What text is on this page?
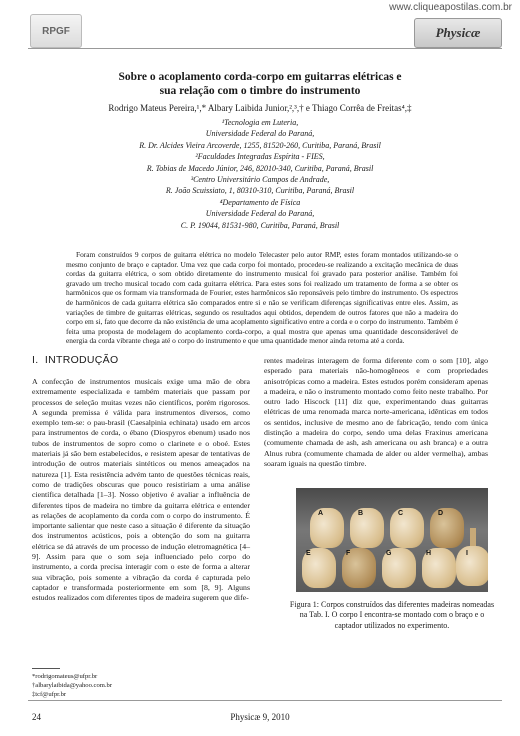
www.cliqueapostilas.com.br
RPGF	Physicæ
Sobre o acoplamento corda-corpo em guitarras elétricas e
sua relação com o timbre do instrumento
Rodrigo Mateus Pereira,¹,* Albary Laibida Junior,²,³,† e Thiago Corrêa de Freitas⁴,‡
¹Tecnologia em Luteria,
Universidade Federal do Paraná,
R. Dr. Alcides Vieira Arcoverde, 1255, 81520-260, Curitiba, Paraná, Brasil
²Faculdades Integradas Espírita - FIES,
R. Tobias de Macedo Júnior, 246, 82010-340, Curitiba, Paraná, Brasil
³Centro Universitário Campos de Andrade,
R. João Scuissiato, 1, 80310-310, Curitiba, Paraná, Brasil
⁴Departamento de Física
Universidade Federal do Paraná,
C. P. 19044, 81531-980, Curitiba, Paraná, Brasil
Foram construídos 9 corpos de guitarra elétrica no modelo Telecaster pelo autor RMP, estes foram montados utilizando-se o mesmo conjunto de braço e captador. Uma vez que cada corpo foi montado, procedeu-se realizando a excitação mecânica de duas cordas da guitarra elétrica, o som obtido diretamente do instrumento musical foi gravado para posterior análise. Também foi gravado um trecho musical tocado com cada guitarra elétrica. Para estes sons foi realizado um tratamento de forma a se obter os harmônicos que os formam via transformada de Fourier, estes harmônicos são reponsáveis pelo timbre do instrumento. Os espectros de harmônicos de cada guitarra elétrica são comparados entre si e não se verificam diferenças significativas entre eles. Assim, as variações de timbre de guitarras elétricas, segundo os resultados aqui obtidos, dependem de outros fatores que não a madeira do corpo em si, fato que decorre da não existência de uma acoplamento significativo entre a corda e o corpo do instrumento. Também é feita uma proposta de modelagem do acoplamento corda-corpo, a qual mostra que apenas uma quantidade desconsiderável de energia da corda vibrante chega até o corpo do instrumento e que uma quantidade menor ainda retorna até a corda.
I. INTRODUÇÃO
A confecção de instrumentos musicais exige uma mão de obra extremamente especializada e também materiais que passam por processos de seleção muitas vezes não científicos, porém rigorosos. A segunda premissa é válida para instrumentos diversos, como exemplo tem-se: o pau-brasil (Caesalpinia echinata) usado em arcos para instrumentos de corda, o ébano (Diospyros ebenum) usado nos tubos de instrumentos de sopro como o clarinete e o oboé. Estes materiais já são bem estabelecidos, e resistem apesar de tentativas de introdução de outros materiais sintéticos ou menos ameaçados na natureza [1]. Esta resistência advém tanto de questões técnicas reais, como de tradições obscuras que pouco resistiriam a uma análise científica detalhada [1–3]. Nosso objetivo é avaliar a influência de diferentes tipos de madeira no timbre da guitarra elétrica e entender as relações de acoplamento da corda com o corpo do instrumento. É importante salientar que neste caso a situação é diferente da situação dos instrumentos acústicos, pois a obtenção do som na guitarra elétrica se dá através de um processo de indução eletromagnética [4–9]. Assim para que o som seja influenciado pelo corpo do instrumento, a corda precisa interagir com o este de forma a alterar sua vibração, pois somente a vibração da corda é capturada pelo captador e transformada posteriormente em som [8, 9]. Alguns estudos realizados com diferentes tipos de madeira sugerem que dife-
rentes madeiras interagem de forma diferente com o som [10], algo esperado para materiais não-homogêneos e com propriedades anisotrópicas como a madeira. Estes estudos porém consideram apenas a madeira, e não o instrumento montado como feito neste trabalho. Por outro lado Hiscock [11] diz que, experimentando duas guitarras elétricas de uma renomada marca norte-americana, idênticas em todos os sentidos, inclusive de mesmo ano de fabricação, tendo com única distinção a madeira do corpo, sendo uma delas Fraxinus americana (comumente chamada de ash, ash americana ou ash branca) e a outra Alnus rubra (comumente chamada de alder ou alder vermelha), ambas soaram iguais na questão timbre.
A	B	C	D
E	F	G	H	I
Figura 1: Corpos construídos das diferentes madeiras nomeadas na Tab. I. O corpo I encontra-se montado com o braço e o captador utilizados no experimento.
*rodrigomateus@ufpr.br
†albarylaibida@yahoo.com.br
‡tcf@ufpr.br
24	Physicæ 9, 2010
